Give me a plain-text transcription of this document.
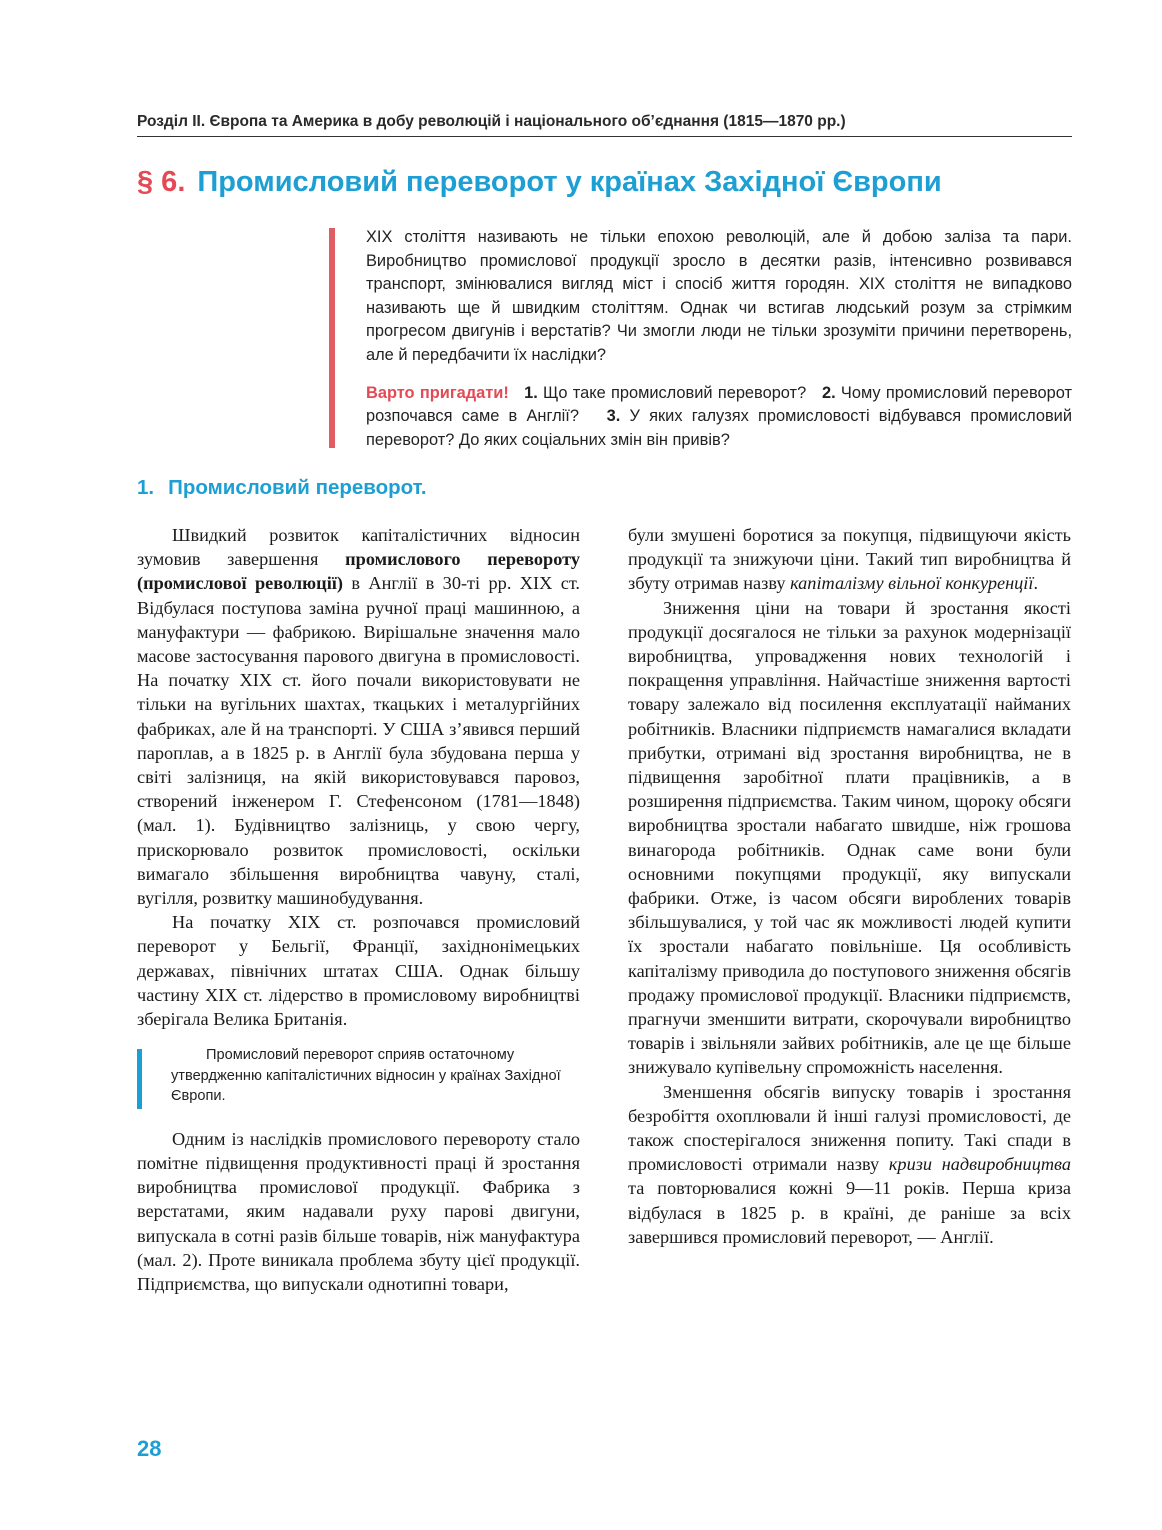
Розділ II. Європа та Америка в добу революцій і національного об’єднання (1815—1870 рр.)
§ 6. Промисловий переворот у країнах Західної Європи

XIX століття називають не тільки епохою революцій, але й добою заліза та пари. Виробництво промислової продукції зросло в десятки разів, інтенсивно розвивався транспорт, змінювалися вигляд міст і спосіб життя городян. XIX століття не випадково називають ще й швидким століттям. Однак чи встигав людський розум за стрімким прогресом двигунів і верстатів? Чи змогли люди не тільки зрозуміти причини перетворень, але й передбачити їх наслідки?

Варто пригадати! 1. Що таке промисловий переворот? 2. Чому промисловий переворот розпочався саме в Англії? 3. У яких галузях промисловості відбувався промисловий переворот? До яких соціальних змін він привів?

1. Промисловий переворот.

Швидкий розвиток капіталістичних відносин зумовив завершення промислового перевороту (промислової революції) в Англії в 30-ті рр. XIX ст. Відбулася поступова заміна ручної праці машинною, а мануфактури — фабрикою. Вирішальне значення мало масове застосування парового двигуна в промисловості. На початку XIX ст. його почали використовувати не тільки на вугільних шахтах, ткацьких і металургійних фабриках, але й на транспорті. У США з’явився перший пароплав, а в 1825 р. в Англії була збудована перша у світі залізниця, на якій використовувався паровоз, створений інженером Г. Стефенсоном (1781—1848) (мал. 1). Будівництво залізниць, у свою чергу, прискорювало розвиток промисловості, оскільки вимагало збільшення виробництва чавуну, сталі, вугілля, розвитку машинобудування.

На початку XIX ст. розпочався промисловий переворот у Бельгії, Франції, західнонімецьких державах, північних штатах США. Однак більшу частину XIX ст. лідерство в промисловому виробництві зберігала Велика Британія.

Промисловий переворот сприяв остаточному утвердженню капіталістичних відносин у країнах Західної Європи.

Одним із наслідків промислового перевороту стало помітне підвищення продуктивності праці й зростання виробництва промислової продукції. Фабрика з верстатами, яким надавали руху парові двигуни, випускала в сотні разів більше товарів, ніж мануфактура (мал. 2). Проте виникала проблема збуту цієї продукції. Підприємства, що випускали однотипні товари,

були змушені боротися за покупця, підвищуючи якість продукції та знижуючи ціни. Такий тип виробництва й збуту отримав назву капіталізму вільної конкуренції.

Зниження ціни на товари й зростання якості продукції досягалося не тільки за рахунок модернізації виробництва, упровадження нових технологій і покращення управління. Найчастіше зниження вартості товару залежало від посилення експлуатації найманих робітників. Власники підприємств намагалися вкладати прибутки, отримані від зростання виробництва, не в підвищення заробітної плати працівників, а в розширення підприємства. Таким чином, щороку обсяги виробництва зростали набагато швидше, ніж грошова винагорода робітників. Однак саме вони були основними покупцями продукції, яку випускали фабрики. Отже, із часом обсяги вироблених товарів збільшувалися, у той час як можливості людей купити їх зростали набагато повільніше. Ця особливість капіталізму приводила до поступового зниження обсягів продажу промислової продукції. Власники підприємств, прагнучи зменшити витрати, скорочували виробництво товарів і звільняли зайвих робітників, але це ще більше знижувало купівельну спроможність населення.

Зменшення обсягів випуску товарів і зростання безробіття охоплювали й інші галузі промисловості, де також спостерігалося зниження попиту. Такі спади в промисловості отримали назву кризи надвиробництва та повторювалися кожні 9—11 років. Перша криза відбулася в 1825 р. в країні, де раніше за всіх завершився промисловий переворот, — Англії.

28
